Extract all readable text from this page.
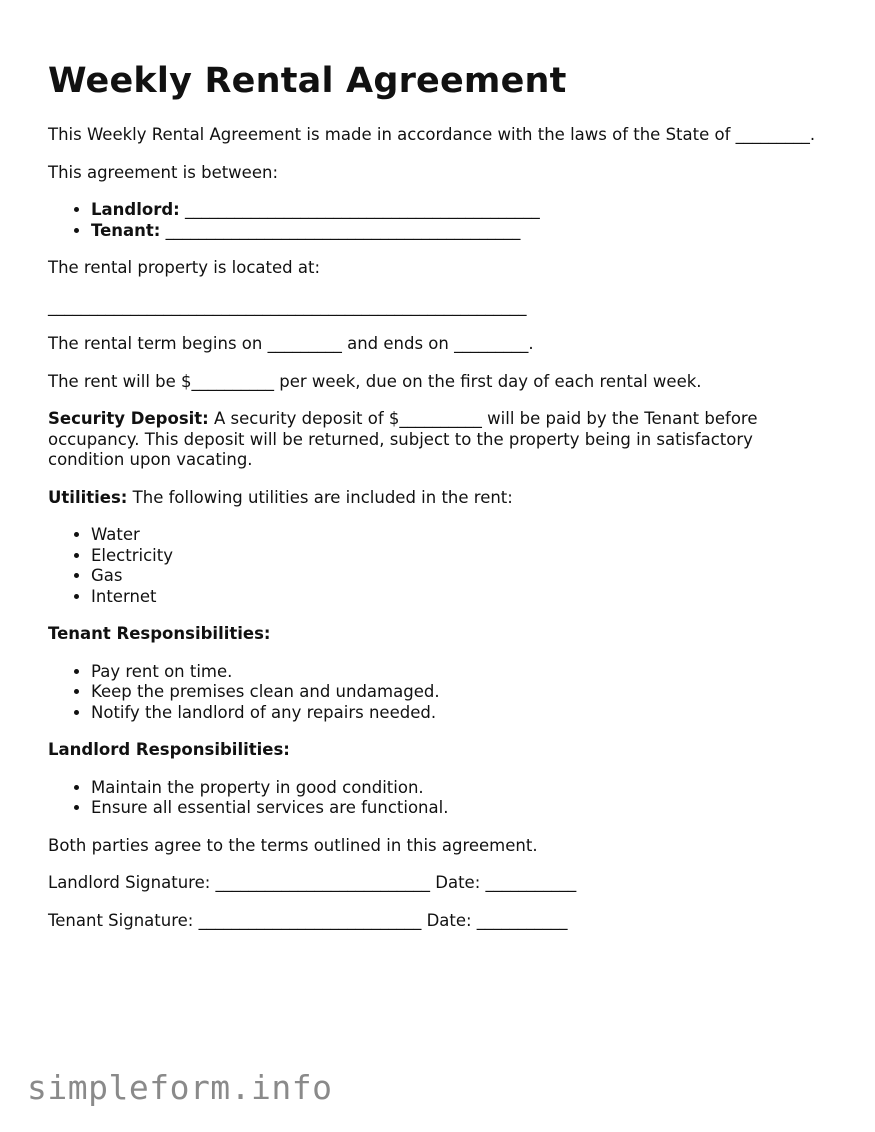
Weekly Rental Agreement

This Weekly Rental Agreement is made in accordance with the laws of the State of _________.

This agreement is between:

• Landlord: ___________________________________________
• Tenant: ___________________________________________

The rental property is located at:

__________________________________________________________

The rental term begins on _________ and ends on _________.

The rent will be $__________ per week, due on the first day of each rental week.

Security Deposit: A security deposit of $__________ will be paid by the Tenant before occupancy. This deposit will be returned, subject to the property being in satisfactory condition upon vacating.

Utilities: The following utilities are included in the rent:

• Water
• Electricity
• Gas
• Internet

Tenant Responsibilities:

• Pay rent on time.
• Keep the premises clean and undamaged.
• Notify the landlord of any repairs needed.

Landlord Responsibilities:

• Maintain the property in good condition.
• Ensure all essential services are functional.

Both parties agree to the terms outlined in this agreement.

Landlord Signature: __________________________ Date: ___________

Tenant Signature: ___________________________ Date: ___________

simpleform.info
